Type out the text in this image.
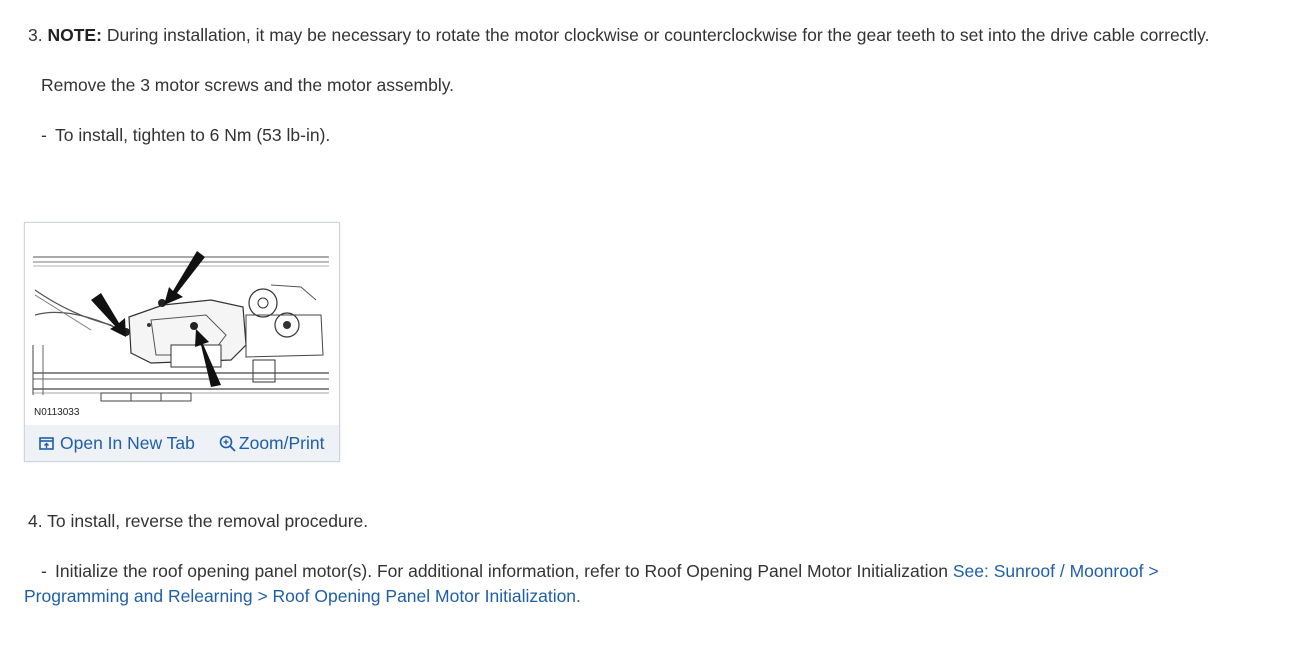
3. NOTE: During installation, it may be necessary to rotate the motor clockwise or counterclockwise for the gear teeth to set into the drive cable correctly.
Remove the 3 motor screws and the motor assembly.
- To install, tighten to 6 Nm (53 lb-in).
N0113033
Open In New Tab	Zoom/Print
4. To install, reverse the removal procedure.
- Initialize the roof opening panel motor(s). For additional information, refer to Roof Opening Panel Motor Initialization See: Sunroof / Moonroof > Programming and Relearning > Roof Opening Panel Motor Initialization.
